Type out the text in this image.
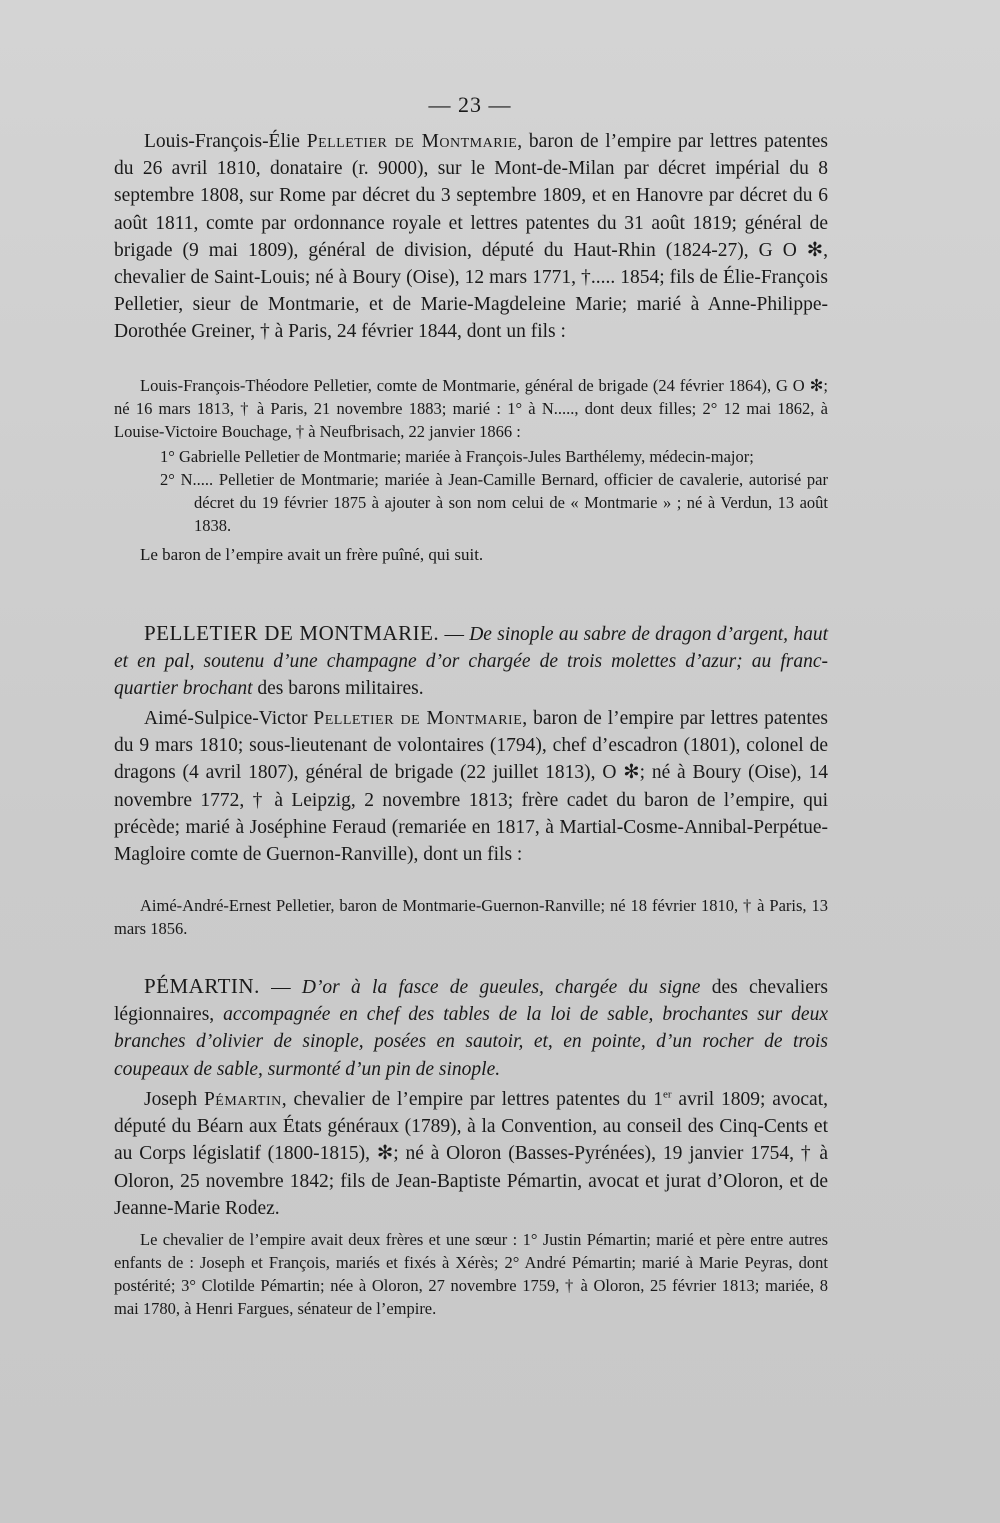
— 23 —

Louis-François-Élie Pelletier de Montmarie, baron de l’empire par lettres patentes du 26 avril 1810, donataire (r. 9000), sur le Mont-de-Milan par décret impérial du 8 septembre 1808, sur Rome par décret du 3 septembre 1809, et en Hanovre par décret du 6 août 1811, comte par ordonnance royale et lettres patentes du 31 août 1819; général de brigade (9 mai 1809), général de division, député du Haut-Rhin (1824-27), G O ✻, chevalier de Saint-Louis; né à Boury (Oise), 12 mars 1771, †..... 1854; fils de Élie-François Pelletier, sieur de Montmarie, et de Marie-Magdeleine Marie; marié à Anne-Philippe-Dorothée Greiner, † à Paris, 24 février 1844, dont un fils :

Louis-François-Théodore Pelletier, comte de Montmarie, général de brigade (24 février 1864), G O ✻; né 16 mars 1813, † à Paris, 21 novembre 1883; marié : 1° à N....., dont deux filles; 2° 12 mai 1862, à Louise-Victoire Bouchage, † à Neufbrisach, 22 janvier 1866 :

1° Gabrielle Pelletier de Montmarie; mariée à François-Jules Barthélemy, médecin-major;

2° N..... Pelletier de Montmarie; mariée à Jean-Camille Bernard, officier de cavalerie, autorisé par décret du 19 février 1875 à ajouter à son nom celui de « Montmarie » ; né à Verdun, 13 août 1838.

Le baron de l’empire avait un frère puîné, qui suit.

PELLETIER DE MONTMARIE. — De sinople au sabre de dragon d’argent, haut et en pal, soutenu d’une champagne d’or chargée de trois molettes d’azur; au franc-quartier brochant des barons militaires.

Aimé-Sulpice-Victor Pelletier de Montmarie, baron de l’empire par lettres patentes du 9 mars 1810; sous-lieutenant de volontaires (1794), chef d’escadron (1801), colonel de dragons (4 avril 1807), général de brigade (22 juillet 1813), O ✻; né à Boury (Oise), 14 novembre 1772, † à Leipzig, 2 novembre 1813; frère cadet du baron de l’empire, qui précède; marié à Joséphine Feraud (remariée en 1817, à Martial-Cosme-Annibal-Perpétue-Magloire comte de Guernon-Ranville), dont un fils :

Aimé-André-Ernest Pelletier, baron de Montmarie-Guernon-Ranville; né 18 février 1810, † à Paris, 13 mars 1856.

PÉMARTIN. — D’or à la fasce de gueules, chargée du signe des chevaliers légionnaires, accompagnée en chef des tables de la loi de sable, brochantes sur deux branches d’olivier de sinople, posées en sautoir, et, en pointe, d’un rocher de trois coupeaux de sable, surmonté d’un pin de sinople.

Joseph Pémartin, chevalier de l’empire par lettres patentes du 1er avril 1809; avocat, député du Béarn aux États généraux (1789), à la Convention, au conseil des Cinq-Cents et au Corps législatif (1800-1815), ✻; né à Oloron (Basses-Pyrénées), 19 janvier 1754, † à Oloron, 25 novembre 1842; fils de Jean-Baptiste Pémartin, avocat et jurat d’Oloron, et de Jeanne-Marie Rodez.

Le chevalier de l’empire avait deux frères et une sœur : 1° Justin Pémartin; marié et père entre autres enfants de : Joseph et François, mariés et fixés à Xérès; 2° André Pémartin; marié à Marie Peyras, dont postérité; 3° Clotilde Pémartin; née à Oloron, 27 novembre 1759, † à Oloron, 25 février 1813; mariée, 8 mai 1780, à Henri Fargues, sénateur de l’empire.
